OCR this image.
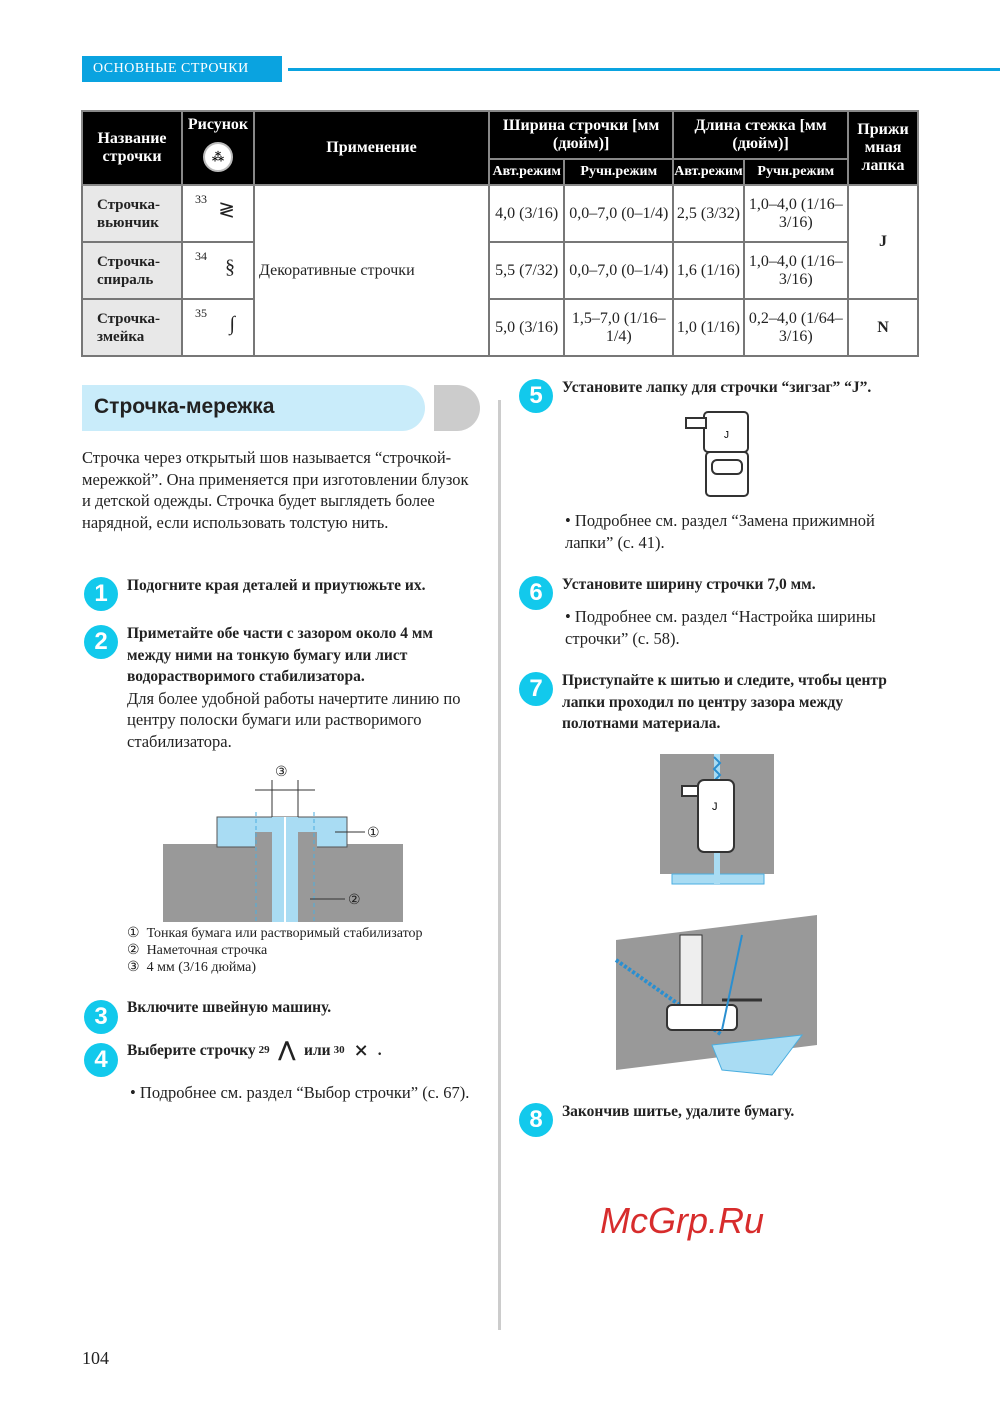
ОСНОВНЫЕ СТРОЧКИ
Название строчки	Рисунок
⁂	Применение	Ширина строчки [мм (дюйм)]		Длина стежка [мм (дюйм)]		Прижи мная лапка
			Авт.режим	Ручн.режим	Авт.режим	Ручн.режим	
Строчка-вьюнчик	33 ≷	Декоративные строчки	4,0 (3/16)	0,0–7,0 (0–1/4)	2,5 (3/32)	1,0–4,0 (1/16–3/16)	J
Строчка-спираль	34 §		5,5 (7/32)	0,0–7,0 (0–1/4)	1,6 (1/16)	1,0–4,0 (1/16–3/16)	
Строчка-змейка	35 ∫		5,0 (3/16)	1,5–7,0 (1/16–1/4)	1,0 (1/16)	0,2–4,0 (1/64–3/16)	N
Строчка-мережка
Строчка через открытый шов называется “строчкой-мережкой”. Она применяется при изготовлении блузок и детской одежды. Строчка будет выглядеть более нарядной, если использовать толстую нить.
1	Подогните края деталей и приутюжьте их.
2	Приметайте обе части с зазором около 4 мм между ними на тонкую бумагу или лист водорастворимого стабилизатора.
Для более удобной работы начертите линию по центру полоски бумаги или растворимого стабилизатора.
③
①
②
① Тонкая бумага или растворимый стабилизатор
② Наметочная строчка
③ 4 мм (3/16 дюйма)
3	Включите швейную машину.
4	Выберите строчку 29 ⋀ или 30 ⨯ .
• Подробнее см. раздел “Выбор строчки” (с. 67).
5	Установите лапку для строчки “зигзаг” “J”.
J
• Подробнее см. раздел “Замена прижимной лапки” (с. 41).
6	Установите ширину строчки 7,0 мм.
• Подробнее см. раздел “Настройка ширины строчки” (с. 58).
7	Приступайте к шитью и следите, чтобы центр лапки проходил по центру зазора между полотнами материала.
J
8	Закончив шитье, удалите бумагу.
McGrp.Ru
104
